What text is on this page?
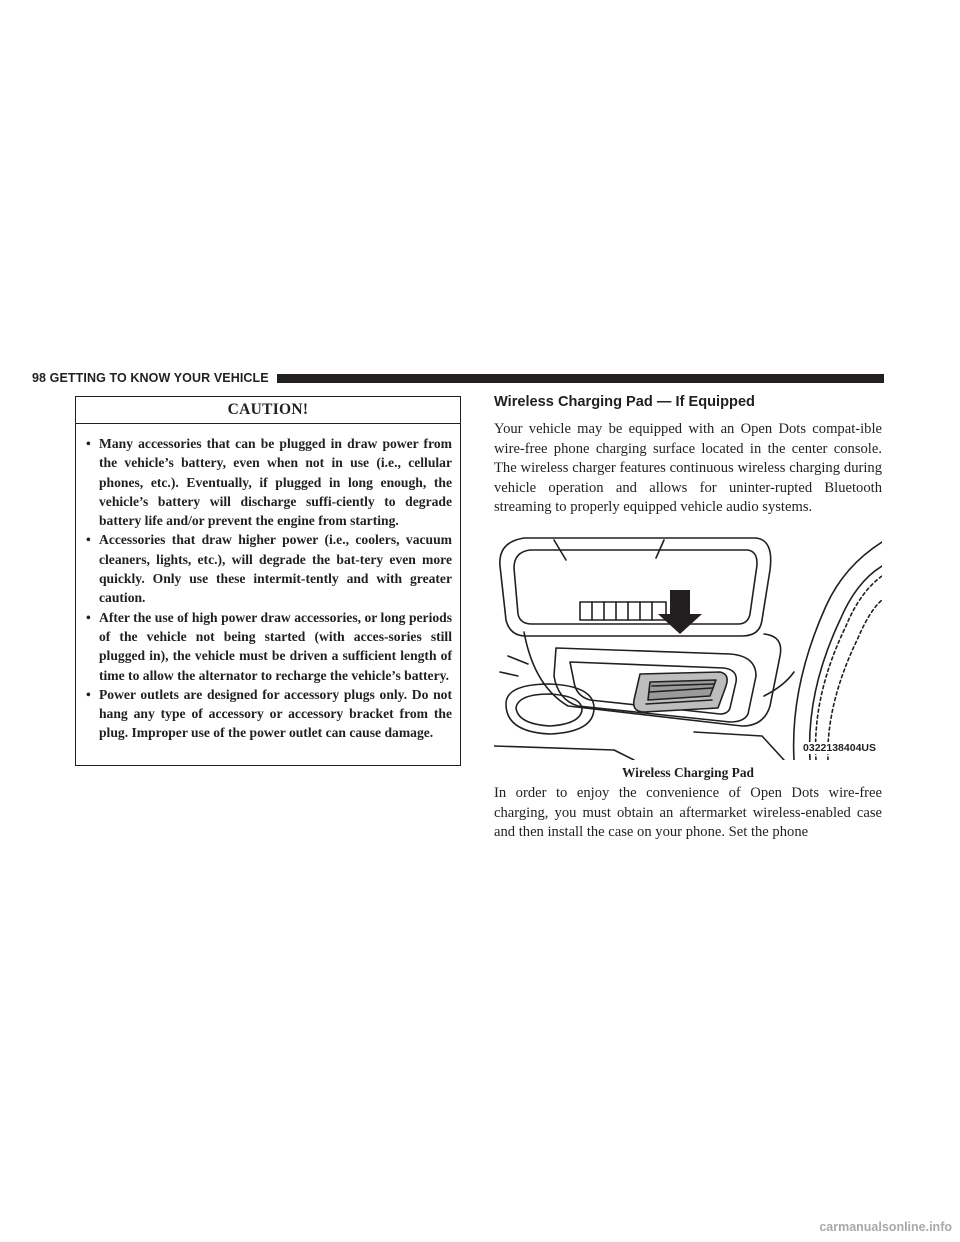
98 GETTING TO KNOW YOUR VEHICLE
CAUTION!
• Many accessories that can be plugged in draw power from the vehicle’s battery, even when not in use (i.e., cellular phones, etc.). Eventually, if plugged in long enough, the vehicle’s battery will discharge suffi-ciently to degrade battery life and/or prevent the engine from starting.
• Accessories that draw higher power (i.e., coolers, vacuum cleaners, lights, etc.), will degrade the bat-tery even more quickly. Only use these intermit-tently and with greater caution.
• After the use of high power draw accessories, or long periods of the vehicle not being started (with acces-sories still plugged in), the vehicle must be driven a sufficient length of time to allow the alternator to recharge the vehicle’s battery.
• Power outlets are designed for accessory plugs only. Do not hang any type of accessory or accessory bracket from the plug. Improper use of the power outlet can cause damage.
Wireless Charging Pad — If Equipped

Your vehicle may be equipped with an Open Dots compat-ible wire-free phone charging surface located in the center console. The wireless charger features continuous wireless charging during vehicle operation and allows for uninter-rupted Bluetooth streaming to properly equipped vehicle audio systems.

0322138404US
Wireless Charging Pad

In order to enjoy the convenience of Open Dots wire-free charging, you must obtain an aftermarket wireless-enabled case and then install the case on your phone. Set the phone

carmanualsonline.info
